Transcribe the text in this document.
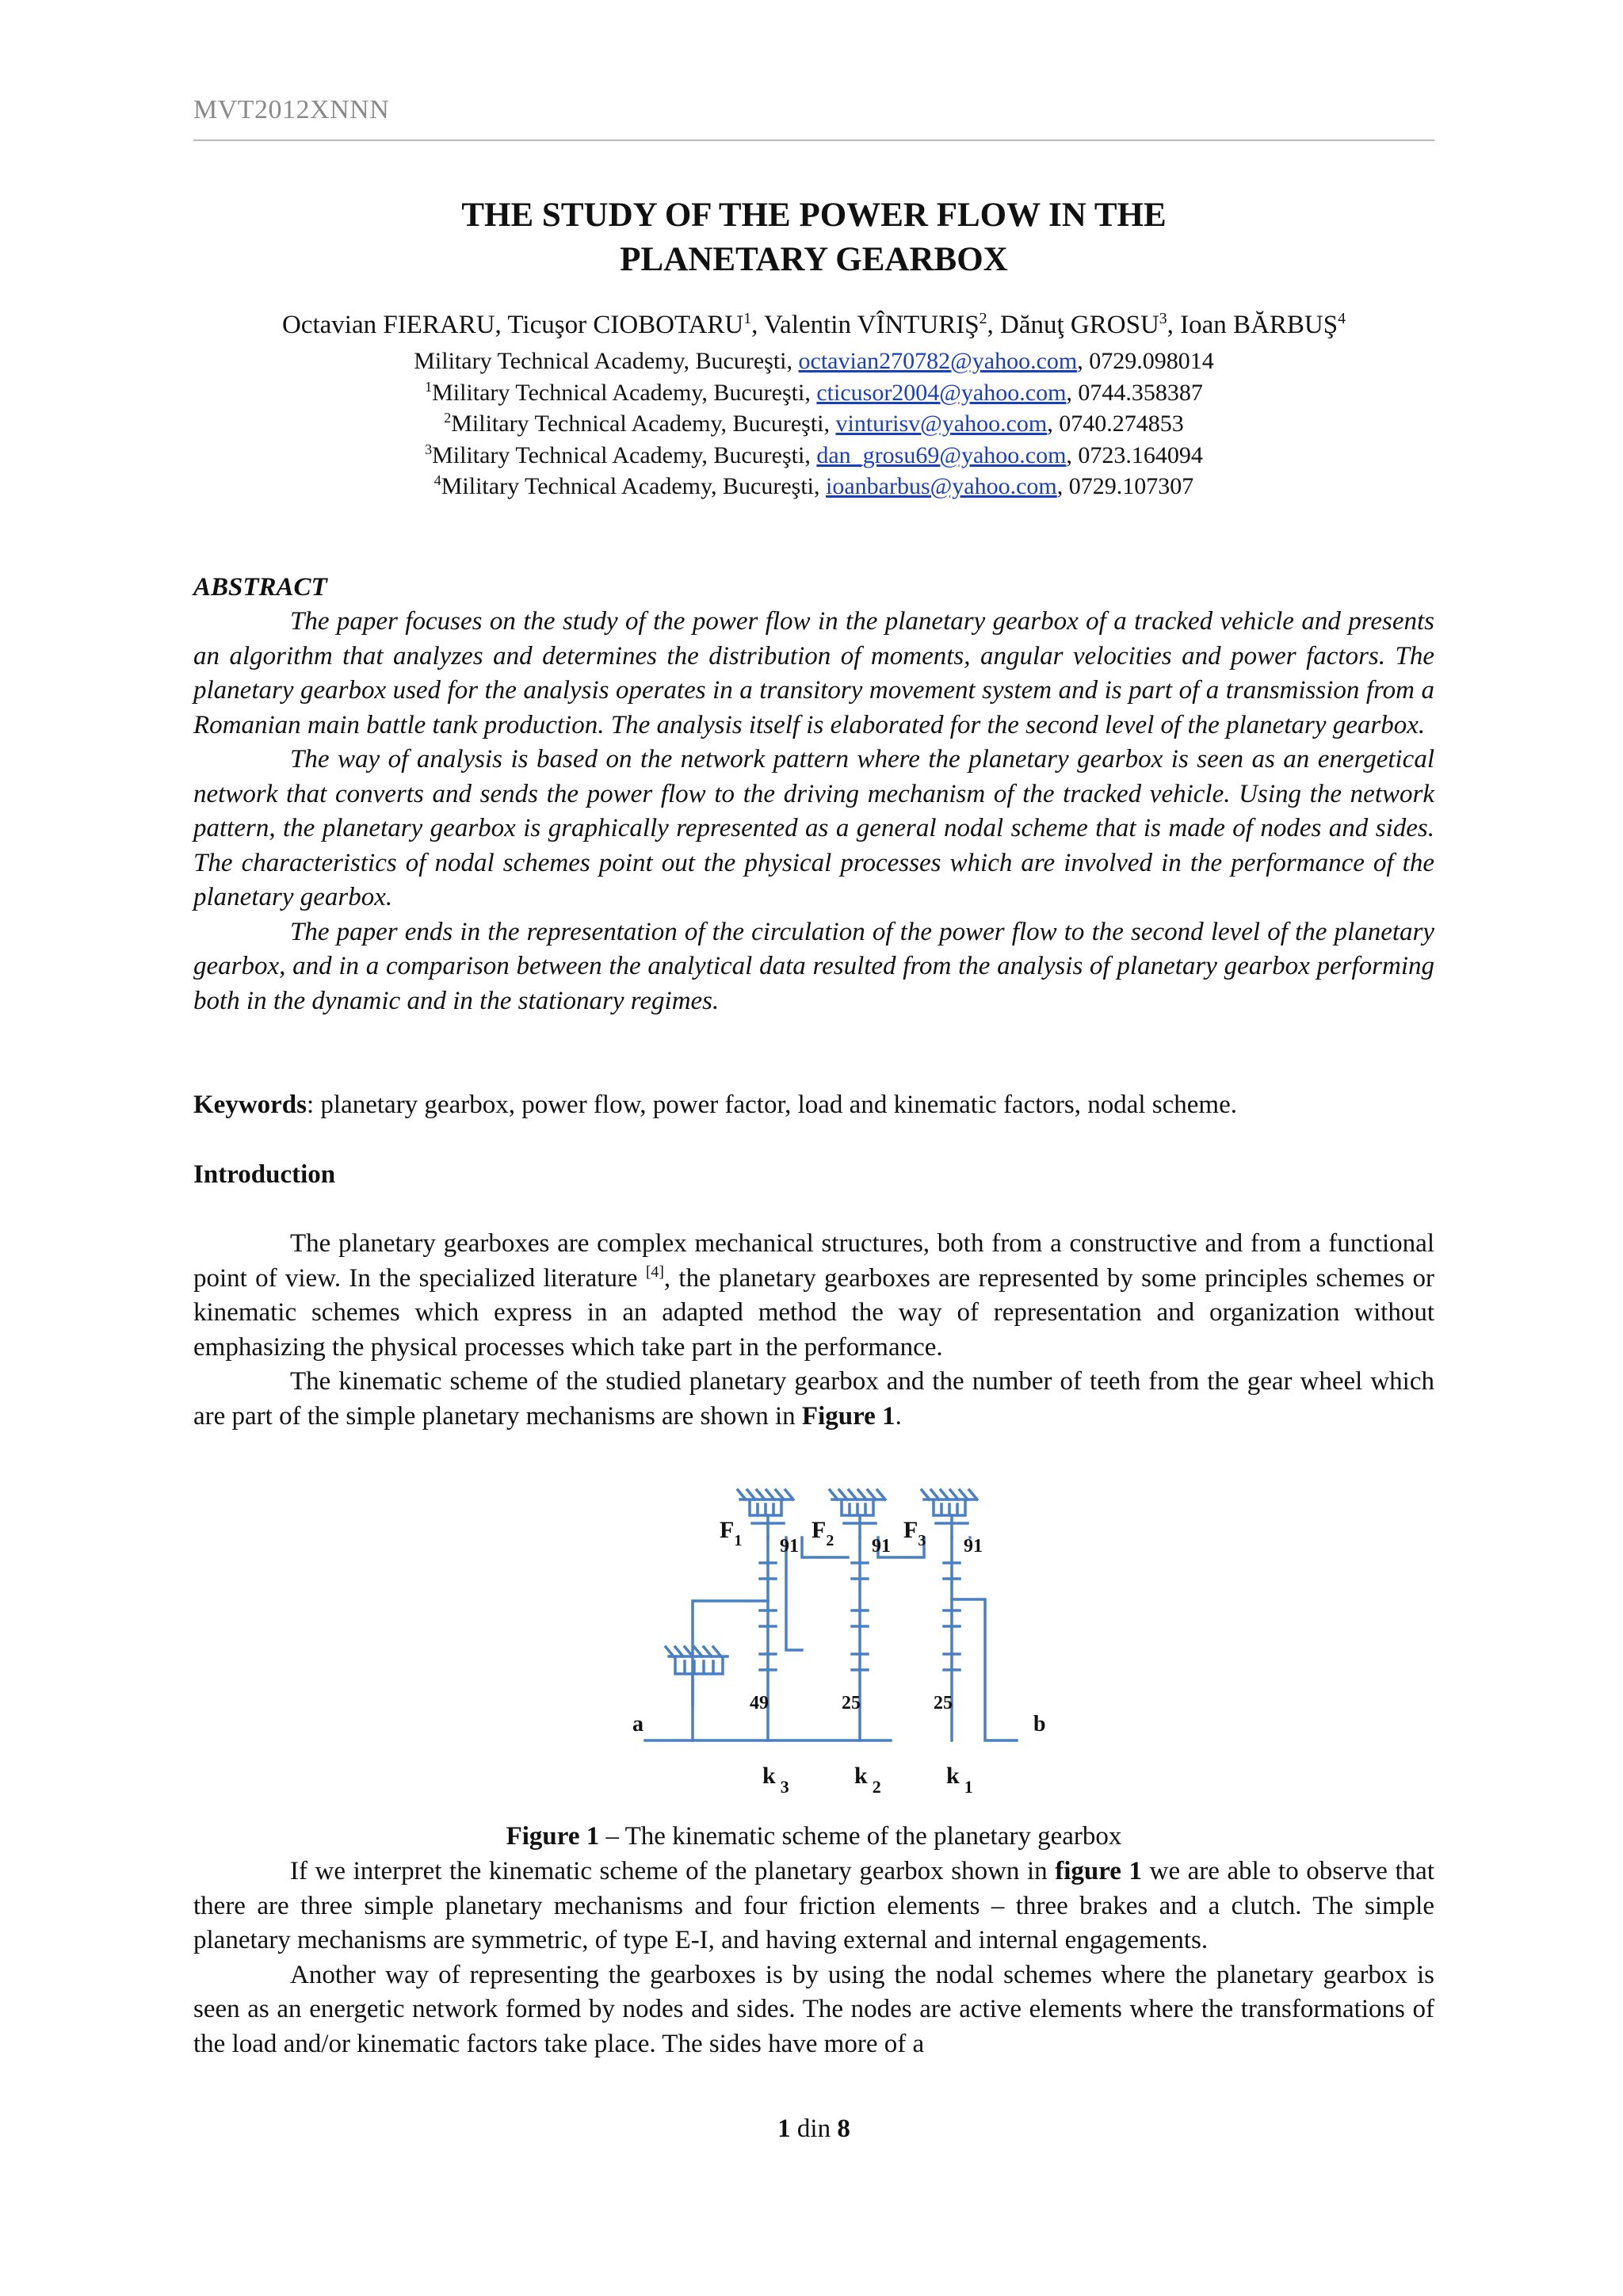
MVT2012XNNN
THE STUDY OF THE POWER FLOW IN THE
PLANETARY GEARBOX
Octavian FIERARU, Ticuşor CIOBOTARU$^1$, Valentin VÎNTURIŞ$^2$, Dănuţ GROSU$^3$, Ioan BĂRBUŞ$^4$
Military Technical Academy, Bucureşti, octavian270782@yahoo.com, 0729.098014
$^1$Military Technical Academy, Bucureşti, cticusor2004@yahoo.com, 0744.358387
$^2$Military Technical Academy, Bucureşti, vinturisv@yahoo.com, 0740.274853
$^3$Military Technical Academy, Bucureşti, dan_grosu69@yahoo.com, 0723.164094
$^4$Military Technical Academy, Bucureşti, ioanbarbus@yahoo.com, 0729.107307
ABSTRACT

The paper focuses on the study of the power flow in the planetary gearbox of a tracked vehicle and presents an algorithm that analyzes and determines the distribution of moments, angular velocities and power factors. The planetary gearbox used for the analysis operates in a transitory movement system and is part of a transmission from a Romanian main battle tank production. The analysis itself is elaborated for the second level of the planetary gearbox.

The way of analysis is based on the network pattern where the planetary gearbox is seen as an energetical network that converts and sends the power flow to the driving mechanism of the tracked vehicle. Using the network pattern, the planetary gearbox is graphically represented as a general nodal scheme that is made of nodes and sides. The characteristics of nodal schemes point out the physical processes which are involved in the performance of the planetary gearbox.

The paper ends in the representation of the circulation of the power flow to the second level of the planetary gearbox, and in a comparison between the analytical data resulted from the analysis of planetary gearbox performing both in the dynamic and in the stationary regimes.

Keywords: planetary gearbox, power flow, power factor, load and kinematic factors, nodal scheme.
Introduction

The planetary gearboxes are complex mechanical structures, both from a constructive and from a functional point of view. In the specialized literature [4], the planetary gearboxes are represented by some principles schemes or kinematic schemes which express in an adapted method the way of representation and organization without emphasizing the physical processes which take part in the performance.

The kinematic scheme of the studied planetary gearbox and the number of teeth from the gear wheel which are part of the simple planetary mechanisms are shown in Figure 1.

$F_1$	$F_2$	$F_3$
91	91	91
49	25	25
a	b
k $_3$	k $_2$	k $_1$
Figure 1 – The kinematic scheme of the planetary gearbox

If we interpret the kinematic scheme of the planetary gearbox shown in figure 1 we are able to observe that there are three simple planetary mechanisms and four friction elements – three brakes and a clutch. The simple planetary mechanisms are symmetric, of type E-I, and having external and internal engagements.

Another way of representing the gearboxes is by using the nodal schemes where the planetary gearbox is seen as an energetic network formed by nodes and sides. The nodes are active elements where the transformations of the load and/or kinematic factors take place. The sides have more of a

1 din 8
